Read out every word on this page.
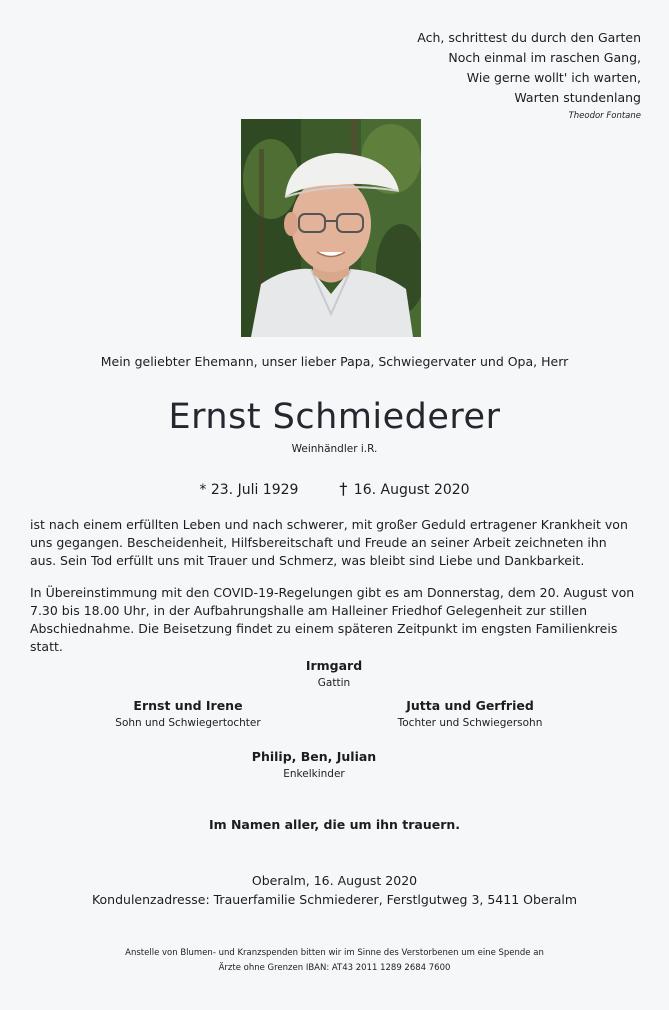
Ach, schrittest du durch den Garten
Noch einmal im raschen Gang,
Wie gerne wollt' ich warten,
Warten stundenlang
Theodor Fontane
Mein geliebter Ehemann, unser lieber Papa, Schwiegervater und Opa, Herr
Ernst Schmiederer
Weinhändler i.R.
* 23. Juli 1929	† 16. August 2020
ist nach einem erfüllten Leben und nach schwerer, mit großer Geduld ertragener Krankheit von uns gegangen. Bescheidenheit, Hilfsbereitschaft und Freude an seiner Arbeit zeichneten ihn aus. Sein Tod erfüllt uns mit Trauer und Schmerz, was bleibt sind Liebe und Dankbarkeit.
In Übereinstimmung mit den COVID-19-Regelungen gibt es am Donnerstag, dem 20. August von 7.30 bis 18.00 Uhr, in der Aufbahrungshalle am Halleiner Friedhof Gelegenheit zur stillen Abschiednahme. Die Beisetzung findet zu einem späteren Zeitpunkt im engsten Familienkreis statt.
Irmgard
Gattin
Ernst und Irene
Sohn und Schwiegertochter
Jutta und Gerfried
Tochter und Schwiegersohn
Philip, Ben, Julian
Enkelkinder
Im Namen aller, die um ihn trauern.
Oberalm, 16. August 2020
Kondulenzadresse: Trauerfamilie Schmiederer, Ferstlgutweg 3, 5411 Oberalm
Anstelle von Blumen- und Kranzspenden bitten wir im Sinne des Verstorbenen um eine Spende an
Ärzte ohne Grenzen IBAN: AT43 2011 1289 2684 7600
